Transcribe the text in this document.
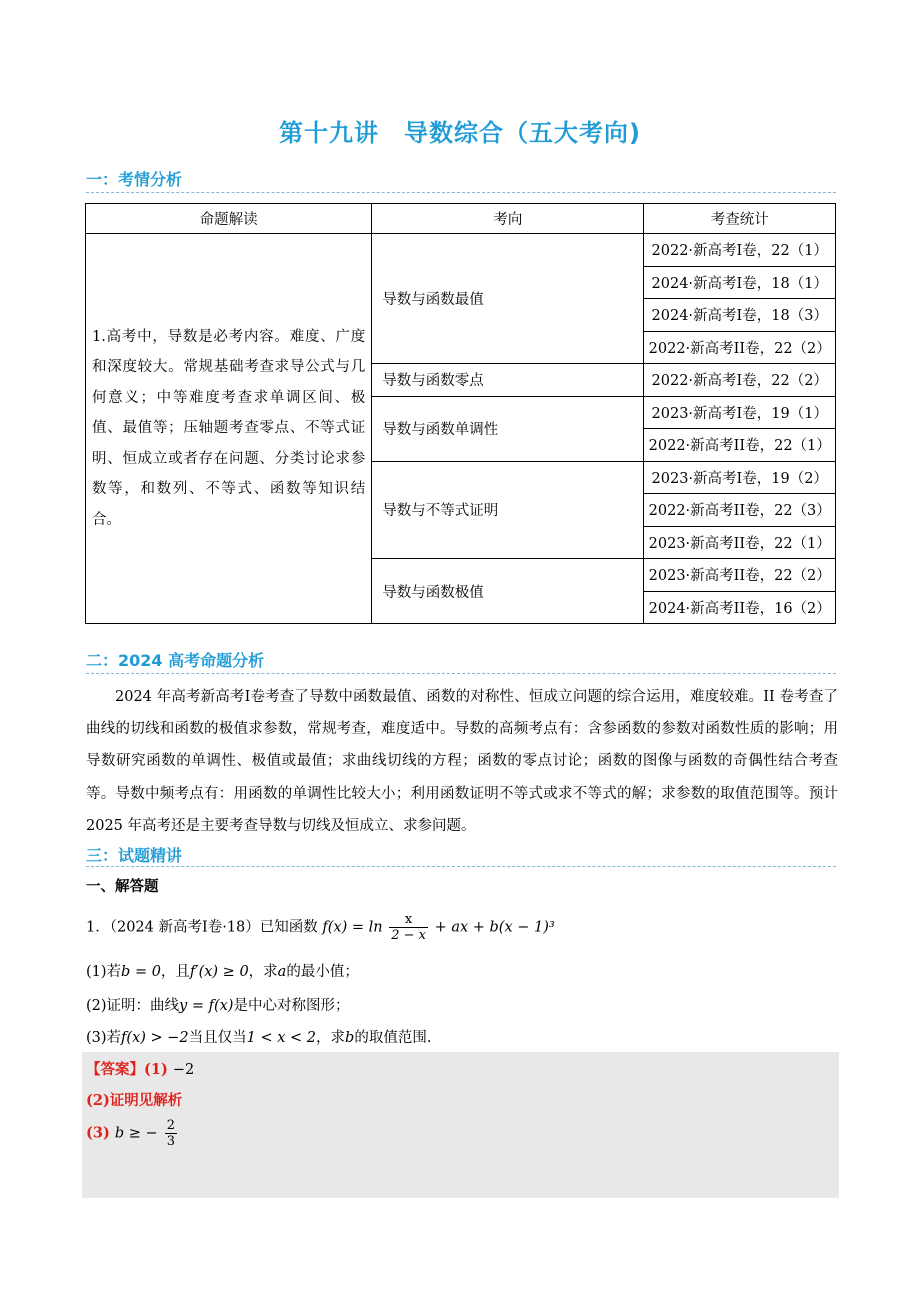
第十九讲　导数综合（五大考向)
一：考情分析
命题解读	考向	考查统计
1.高考中，导数是必考内容。难度、广度和深度较大。常规基础考查求导公式与几何意义；中等难度考查求单调区间、极值、最值等；压轴题考查零点、不等式证明、恒成立或者存在问题、分类讨论求参数等，和数列、不等式、函数等知识结合。	导数与函数最值	2022·新高考I卷，22（1）
		2024·新高考I卷，18（1）
		2024·新高考I卷，18（3）
		2022·新高考II卷，22（2）
	导数与函数零点	2022·新高考I卷，22（2）
	导数与函数单调性	2023·新高考I卷，19（1）
		2022·新高考II卷，22（1）
	导数与不等式证明	2023·新高考I卷，19（2）
		2022·新高考II卷，22（3）
		2023·新高考II卷，22（1）
	导数与函数极值	2023·新高考II卷，22（2）
		2024·新高考II卷，16（2）
二：2024 高考命题分析
2024 年高考新高考I卷考查了导数中函数最值、函数的对称性、恒成立问题的综合运用，难度较难。II 卷考查了曲线的切线和函数的极值求参数，常规考查，难度适中。导数的高频考点有：含参函数的参数对函数性质的影响；用导数研究函数的单调性、极值或最值；求曲线切线的方程；函数的零点讨论；函数的图像与函数的奇偶性结合考查等。导数中频考点有：用函数的单调性比较大小；利用函数证明不等式或求不等式的解；求参数的取值范围等。预计 2025 年高考还是主要考查导数与切线及恒成立、求参问题。
三：试题精讲
一、解答题
1．（2024 新高考I卷·18）已知函数 $f(x) = \ln \frac{x}{2 - x}$ + ax + b(x − 1)³
(1)若b = 0，且f′(x) ≥ 0，求a的最小值；
(2)证明：曲线y = f(x)是中心对称图形；
(3)若f(x) > −2当且仅当1 < x < 2，求b的取值范围.
【答案】(1) −2
(2)证明见解析
(3) b ≥ − $\frac{2}{3}$
